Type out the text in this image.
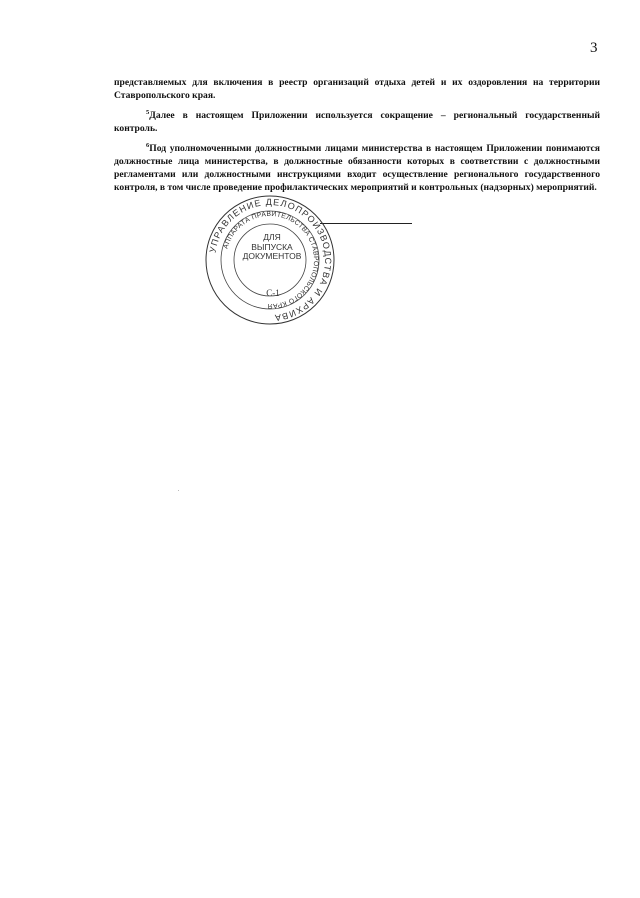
3

представляемых для включения в реестр организаций отдыха детей и их оздоровления на территории Ставропольского края.

$^5$Далее в настоящем Приложении используется сокращение – региональный государственный контроль.

$^6$Под уполномоченными должностными лицами министерства в настоящем Приложении понимаются должностные лица министерства, в должностные обязанности которых в соответствии с должностными регламентами или должностными инструкциями входит осуществление регионального государственного контроля, в том числе проведение профилактических мероприятий и контрольных (надзорных) мероприятий.

УПРАВЛЕНИЕ ДЕЛОПРОИЗВОДСТВА И АРХИВА
АППАРАТА ПРАВИТЕЛЬСТВА СТАВРОПОЛЬСКОГО КРАЯ
ДЛЯ
ВЫПУСКА
ДОКУМЕНТОВ
С-1
